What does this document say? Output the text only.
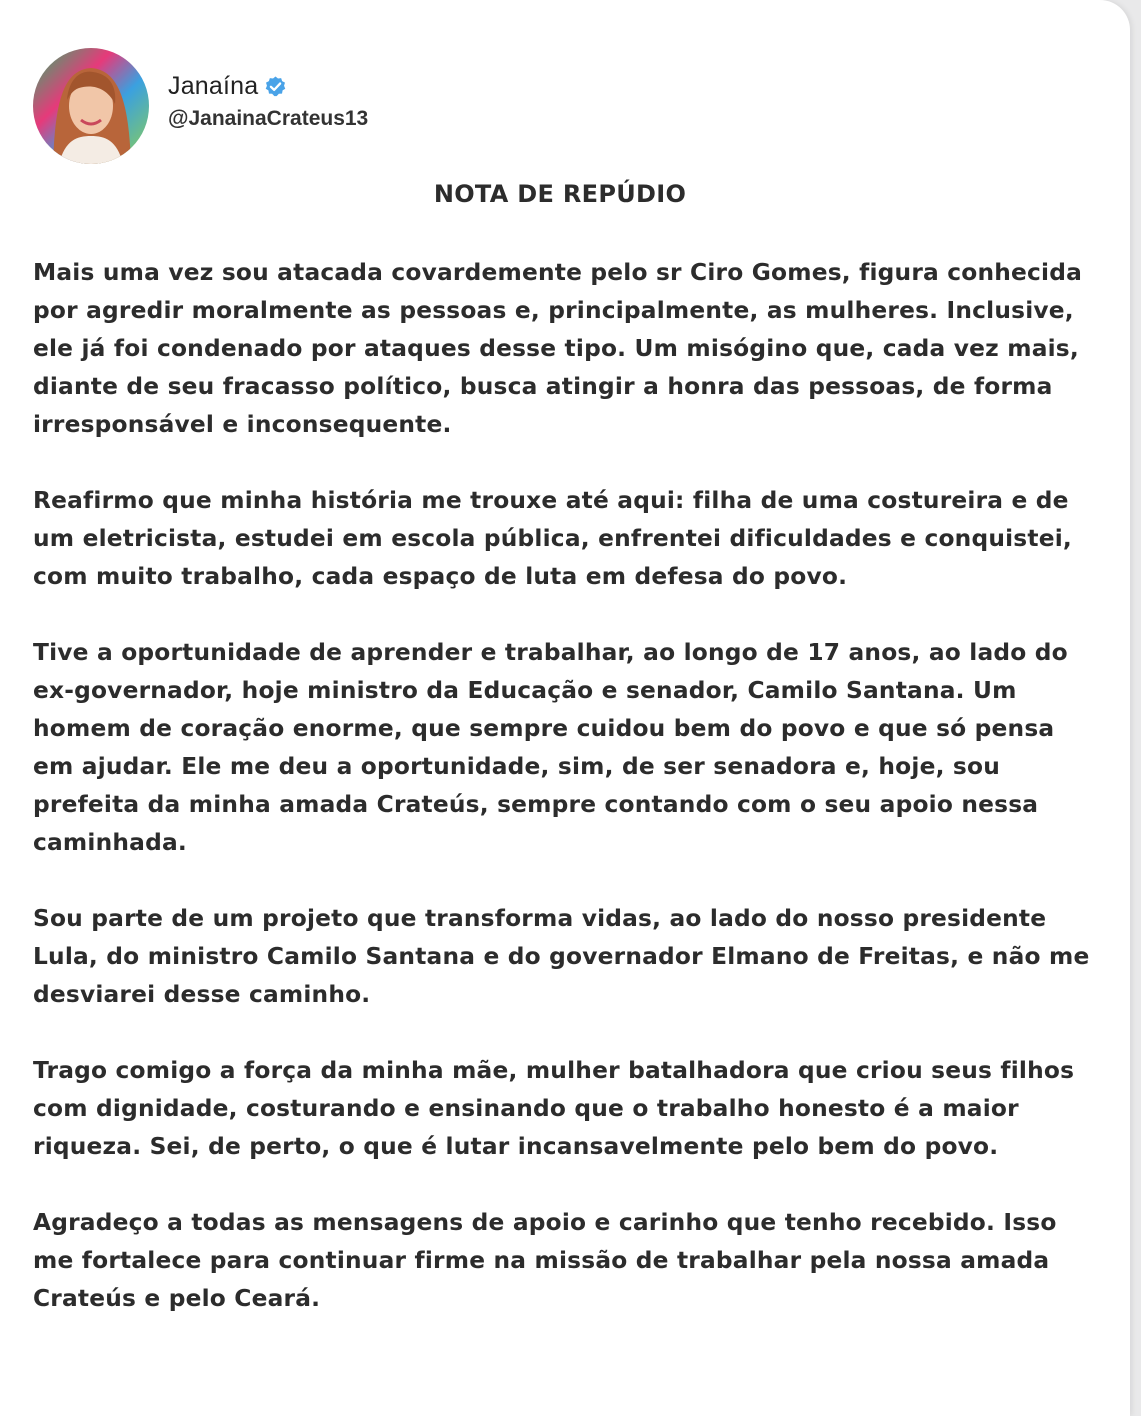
Janaína
@JanainaCrateus13
NOTA DE REPÚDIO

Mais uma vez sou atacada covardemente pelo sr Ciro Gomes, figura conhecida por agredir moralmente as pessoas e, principalmente, as mulheres. Inclusive, ele já foi condenado por ataques desse tipo. Um misógino que, cada vez mais, diante de seu fracasso político, busca atingir a honra das pessoas, de forma irresponsável e inconsequente.

Reafirmo que minha história me trouxe até aqui: filha de uma costureira e de um eletricista, estudei em escola pública, enfrentei dificuldades e conquistei, com muito trabalho, cada espaço de luta em defesa do povo.

Tive a oportunidade de aprender e trabalhar, ao longo de 17 anos, ao lado do ex-governador, hoje ministro da Educação e senador, Camilo Santana. Um homem de coração enorme, que sempre cuidou bem do povo e que só pensa em ajudar. Ele me deu a oportunidade, sim, de ser senadora e, hoje, sou prefeita da minha amada Crateús, sempre contando com o seu apoio nessa caminhada.

Sou parte de um projeto que transforma vidas, ao lado do nosso presidente Lula, do ministro Camilo Santana e do governador Elmano de Freitas, e não me desviarei desse caminho.

Trago comigo a força da minha mãe, mulher batalhadora que criou seus filhos com dignidade, costurando e ensinando que o trabalho honesto é a maior riqueza. Sei, de perto, o que é lutar incansavelmente pelo bem do povo.

Agradeço a todas as mensagens de apoio e carinho que tenho recebido. Isso me fortalece para continuar firme na missão de trabalhar pela nossa amada Crateús e pelo Ceará.
